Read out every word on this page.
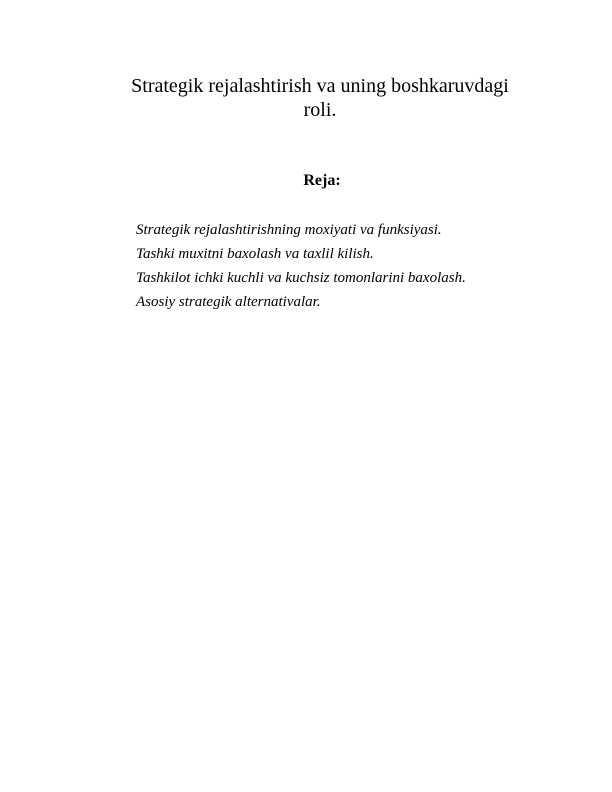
Strategik rejalashtirish va uning boshkaruvdagi
roli.
Reja:
Strategik rejalashtirishning moxiyati va funksiyasi.
Tashki muxitni baxolash va taxlil kilish.
Tashkilot ichki kuchli va kuchsiz tomonlarini baxolash.
Asosiy strategik alternativalar.
